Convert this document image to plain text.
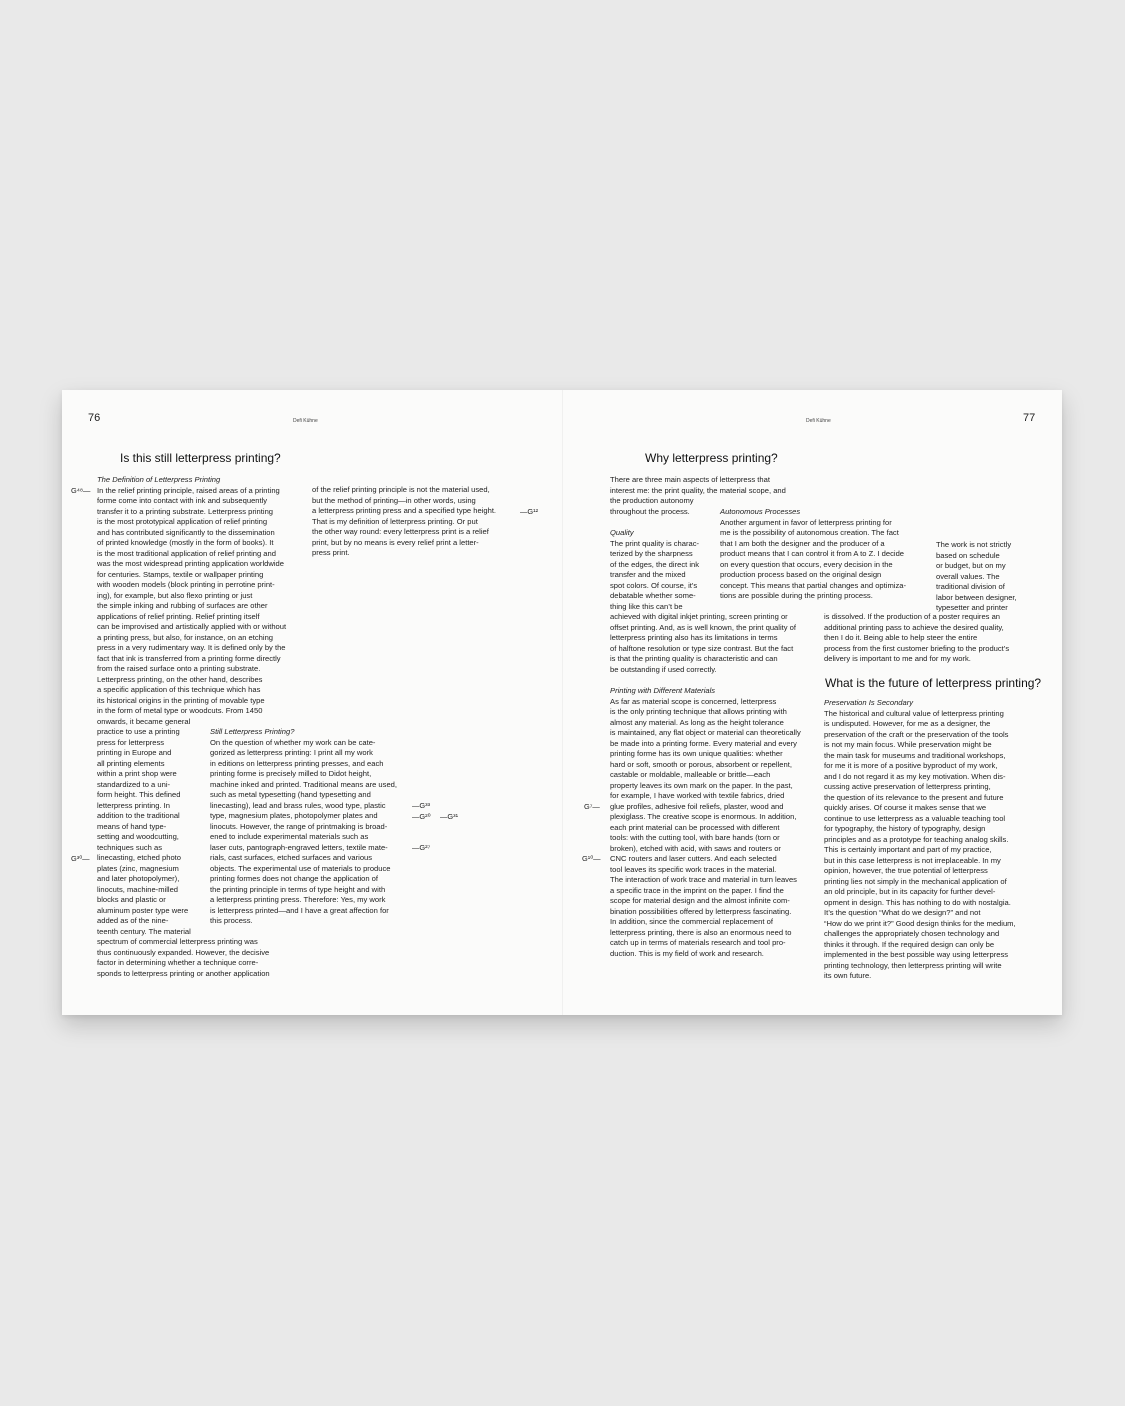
76	Defi Kühne
Is this still letterpress printing?
The Definition of Letterpress Printing
In the relief printing principle, raised areas of a printing
forme come into contact with ink and subsequently
transfer it to a printing substrate. Letterpress printing
is the most prototypical application of relief printing
and has contributed significantly to the dissemination
of printed knowledge (mostly in the form of books). It
is the most traditional application of relief printing and
was the most widespread printing application worldwide
for centuries. Stamps, textile or wallpaper printing
with wooden models (block printing in perrotine print-
ing), for example, but also flexo printing or just
the simple inking and rubbing of surfaces are other
applications of relief printing. Relief printing itself
can be improvised and artistically applied with or without
a printing press, but also, for instance, on an etching
press in a very rudimentary way. It is defined only by the
fact that ink is transferred from a printing forme directly
from the raised surface onto a printing substrate.
Letterpress printing, on the other hand, describes
a specific application of this technique which has
its historical origins in the printing of movable type
in the form of metal type or woodcuts. From 1450
onwards, it became general
practice to use a printing
press for letterpress
printing in Europe and
all printing elements
within a print shop were
standardized to a uni-
form height. This defined
letterpress printing. In
addition to the traditional
means of hand type-
setting and woodcutting,
techniques such as
linecasting, etched photo
plates (zinc, magnesium
and later photopolymer),
linocuts, machine-milled
blocks and plastic or
aluminum poster type were
added as of the nine-
teenth century. The material
spectrum of commercial letterpress printing was
thus continuously expanded. However, the decisive
factor in determining whether a technique corre-
sponds to letterpress printing or another application
of the relief printing principle is not the material used,
but the method of printing—in other words, using
a letterpress printing press and a specified type height.
That is my definition of letterpress printing. Or put
the other way round: every letterpress print is a relief
print, but by no means is every relief print a letter-
press print.
Still Letterpress Printing?
On the question of whether my work can be cate-
gorized as letterpress printing: I print all my work
in editions on letterpress printing presses, and each
printing forme is precisely milled to Didot height,
machine inked and printed. Traditional means are used,
such as metal typesetting (hand typesetting and
linecasting), lead and brass rules, wood type, plastic
type, magnesium plates, photopolymer plates and
linocuts. However, the range of printmaking is broad-
ened to include experimental materials such as
laser cuts, pantograph-engraved letters, textile mate-
rials, cast surfaces, etched surfaces and various
objects. The experimental use of materials to produce
printing formes does not change the application of
the printing principle in terms of type height and with
a letterpress printing press. Therefore: Yes, my work
is letterpress printed—and I have a great affection for
this process.
G⁴⁸—
G³⁰—
—G¹²
—G³³
—G²⁰ —G³¹
—G²⁷
77
Defi Kühne
Why letterpress printing?
There are three main aspects of letterpress that
interest me: the print quality, the material scope, and
the production autonomy
throughout the process.
Quality
The print quality is charac-
terized by the sharpness
of the edges, the direct ink
transfer and the mixed
spot colors. Of course, it's
debatable whether some-
thing like this can’t be
achieved with digital inkjet printing, screen printing or
offset printing. And, as is well known, the print quality of
letterpress printing also has its limitations in terms
of halftone resolution or type size contrast. But the fact
is that the printing quality is characteristic and can
be outstanding if used correctly.
Printing with Different Materials
As far as material scope is concerned, letterpress
is the only printing technique that allows printing with
almost any material. As long as the height tolerance
is maintained, any flat object or material can theoretically
be made into a printing forme. Every material and every
printing forme has its own unique qualities: whether
hard or soft, smooth or porous, absorbent or repellent,
castable or moldable, malleable or brittle—each
property leaves its own mark on the paper. In the past,
for example, I have worked with textile fabrics, dried
glue profiles, adhesive foil reliefs, plaster, wood and
plexiglass. The creative scope is enormous. In addition,
each print material can be processed with different
tools: with the cutting tool, with bare hands (torn or
broken), etched with acid, with saws and routers or
CNC routers and laser cutters. And each selected
tool leaves its specific work traces in the material.
The interaction of work trace and material in turn leaves
a specific trace in the imprint on the paper. I find the
scope for material design and the almost infinite com-
bination possibilities offered by letterpress fascinating.
In addition, since the commercial replacement of
letterpress printing, there is also an enormous need to
catch up in terms of materials research and tool pro-
duction. This is my field of work and research.
Autonomous Processes
Another argument in favor of letterpress printing for
me is the possibility of autonomous creation. The fact
that I am both the designer and the producer of a
product means that I can control it from A to Z. I decide
on every question that occurs, every decision in the
production process based on the original design
concept. This means that partial changes and optimiza-
tions are possible during the printing process.
The work is not strictly
based on schedule
or budget, but on my
overall values. The
traditional division of
labor between designer,
typesetter and printer
is dissolved. If the production of a poster requires an
additional printing pass to achieve the desired quality,
then I do it. Being able to help steer the entire
process from the first customer briefing to the product’s
delivery is important to me and for my work.
What is the future of letterpress printing?
Preservation Is Secondary
The historical and cultural value of letterpress printing
is undisputed. However, for me as a designer, the
preservation of the craft or the preservation of the tools
is not my main focus. While preservation might be
the main task for museums and traditional workshops,
for me it is more of a positive byproduct of my work,
and I do not regard it as my key motivation. When dis-
cussing active preservation of letterpress printing,
the question of its relevance to the present and future
quickly arises. Of course it makes sense that we
continue to use letterpress as a valuable teaching tool
for typography, the history of typography, design
principles and as a prototype for teaching analog skills.
This is certainly important and part of my practice,
but in this case letterpress is not irreplaceable. In my
opinion, however, the true potential of letterpress
printing lies not simply in the mechanical application of
an old principle, but in its capacity for further devel-
opment in design. This has nothing to do with nostalgia.
It’s the question “What do we design?” and not
“How do we print it?” Good design thinks for the medium,
challenges the appropriately chosen technology and
thinks it through. If the required design can only be
implemented in the best possible way using letterpress
printing technology, then letterpress printing will write
its own future.
G⁷—
G¹⁰—
